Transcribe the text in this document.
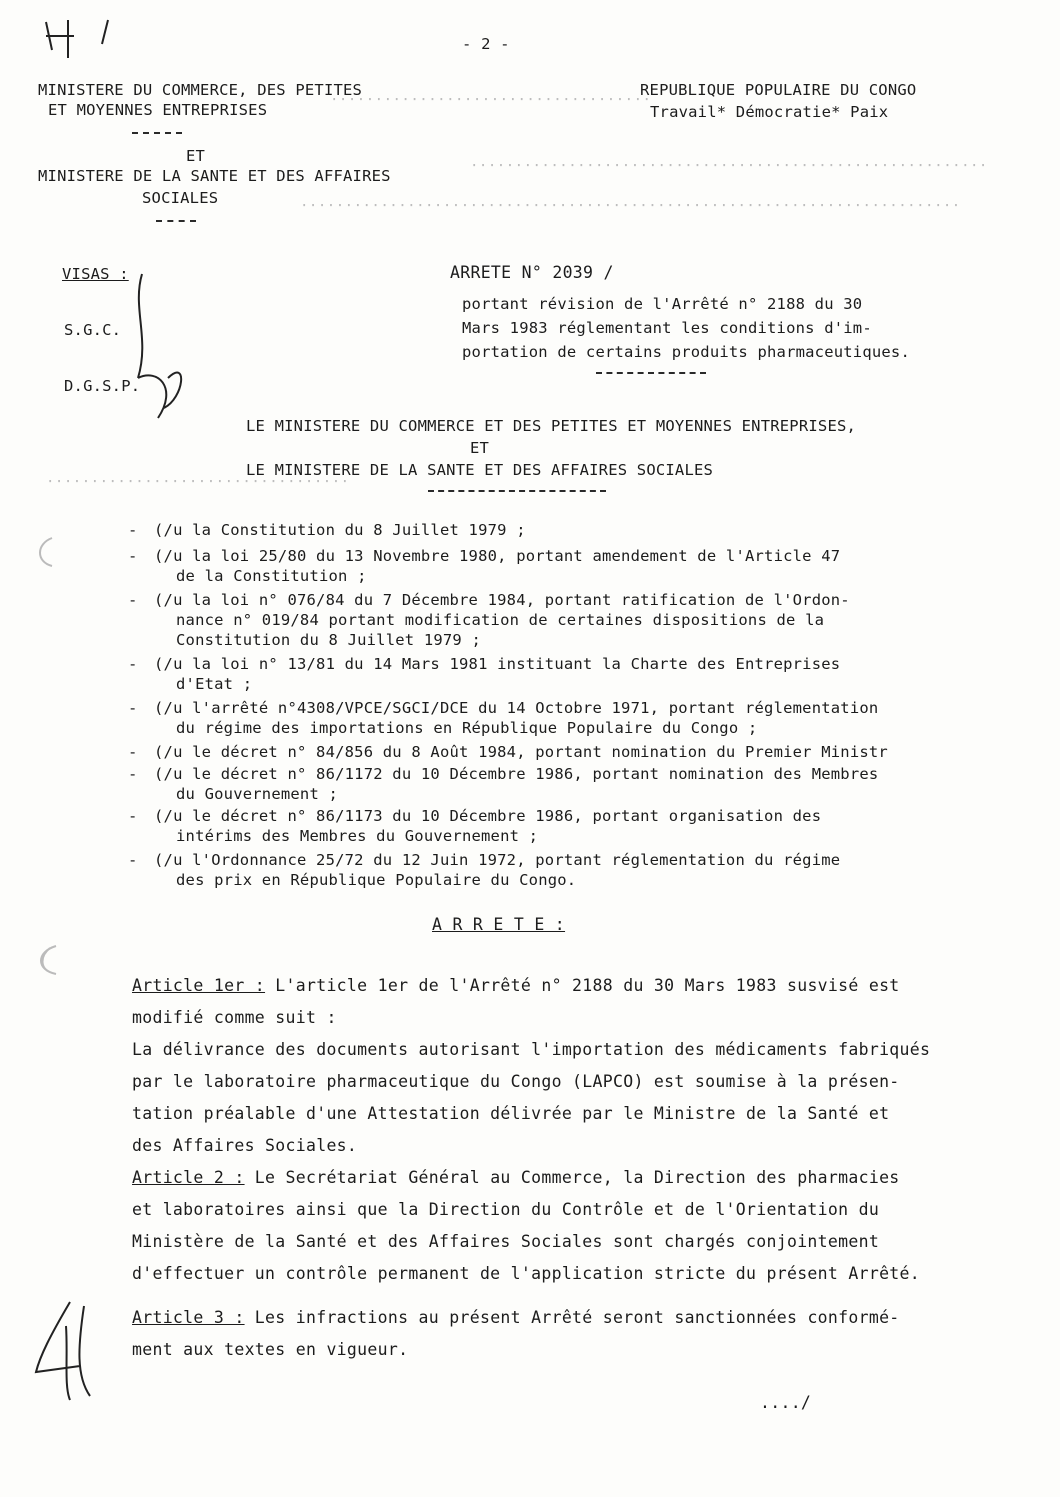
- 2 -
MINISTERE DU COMMERCE, DES PETITES
ET MOYENNES ENTREPRISES
ET
MINISTERE DE LA SANTE ET DES AFFAIRES
SOCIALES
REPUBLIQUE POPULAIRE DU CONGO
Travail* Démocratie* Paix
....................................
..........................................................
..........................................................................
VISAS :
S.G.C.
D.G.S.P.
..................................
ARRETE N° 2039 /
portant révision de l'Arrêté n° 2188 du 30
Mars 1983 réglementant les conditions d'im-
portation de certains produits pharmaceutiques.
LE MINISTERE DU COMMERCE ET DES PETITES ET MOYENNES ENTREPRISES,
ET
LE MINISTERE DE LA SANTE ET DES AFFAIRES SOCIALES
- (/u la Constitution du 8 Juillet 1979 ;
- (/u la loi 25/80 du 13 Novembre 1980, portant amendement de l'Article 47
de la Constitution ;
- (/u la loi n° 076/84 du 7 Décembre 1984, portant ratification de l'Ordon-
nance n° 019/84 portant modification de certaines dispositions de la
Constitution du 8 Juillet 1979 ;
- (/u la loi n° 13/81 du 14 Mars 1981 instituant la Charte des Entreprises
d'Etat ;
- (/u l'arrêté n°4308/VPCE/SGCI/DCE du 14 Octobre 1971, portant réglementation
du régime des importations en République Populaire du Congo ;
- (/u le décret n° 84/856 du 8 Août 1984, portant nomination du Premier Ministr
- (/u le décret n° 86/1172 du 10 Décembre 1986, portant nomination des Membres
du Gouvernement ;
- (/u le décret n° 86/1173 du 10 Décembre 1986, portant organisation des
intérims des Membres du Gouvernement ;
- (/u l'Ordonnance 25/72 du 12 Juin 1972, portant réglementation du régime
des prix en République Populaire du Congo.
A R R E T E :
Article 1er : L'article 1er de l'Arrêté n° 2188 du 30 Mars 1983 susvisé est
modifié comme suit :
La délivrance des documents autorisant l'importation des médicaments fabriqués
par le laboratoire pharmaceutique du Congo (LAPCO) est soumise à la présen-
tation préalable d'une Attestation délivrée par le Ministre de la Santé et
des Affaires Sociales.
Article 2 : Le Secrétariat Général au Commerce, la Direction des pharmacies
et laboratoires ainsi que la Direction du Contrôle et de l'Orientation du
Ministère de la Santé et des Affaires Sociales sont chargés conjointement
d'effectuer un contrôle permanent de l'application stricte du présent Arrêté.
Article 3 : Les infractions au présent Arrêté seront sanctionnées conformé-
ment aux textes en vigueur.
..../
